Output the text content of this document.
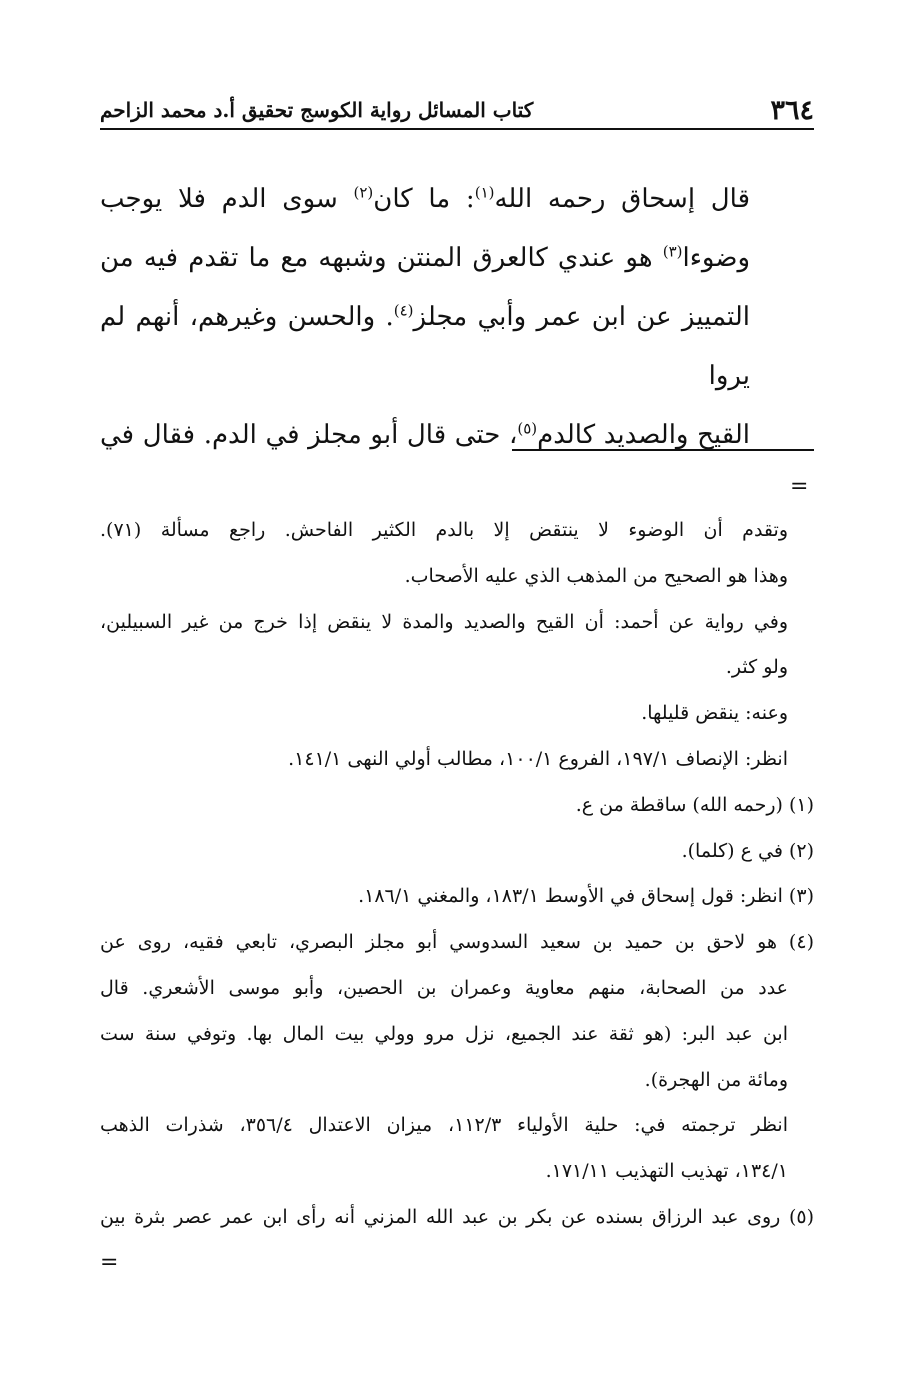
٣٦٤
كتاب المسائل رواية الكوسج تحقيق أ.د محمد الزاحم

قال إسحاق رحمه الله$^{(١)}$: ما كان$^{(٢)}$ سوى الدم فلا يوجب

وضوءا$^{(٣)}$ هو عندي كالعرق المنتن وشبهه مع ما تقدم فيه من

التمييز عن ابن عمر وأبي مجلز$^{(٤)}$. والحسن وغيرهم، أنهم لم يروا

القيح والصديد كالدم$^{(٥)}$، حتى قال أبو مجلز في الدم. فقال في

=

وتقدم أن الوضوء لا ينتقض إلا بالدم الكثير الفاحش. راجع مسألة (٧١).

وهذا هو الصحيح من المذهب الذي عليه الأصحاب.

وفي رواية عن أحمد: أن القيح والصديد والمدة لا ينقض إذا خرج من غير السبيلين،

ولو كثر.

وعنه: ينقض قليلها.

انظر: الإنصاف ١٩٧/١، الفروع ١٠٠/١، مطالب أولي النهى ١٤١/١.

(١) (رحمه الله) ساقطة من ع.

(٢) في ع (كلما).

(٣) انظر: قول إسحاق في الأوسط ١٨٣/١، والمغني ١٨٦/١.

(٤) هو لاحق بن حميد بن سعيد السدوسي أبو مجلز البصري، تابعي فقيه، روى عن

عدد من الصحابة، منهم معاوية وعمران بن الحصين، وأبو موسى الأشعري. قال

ابن عبد البر: (هو ثقة عند الجميع، نزل مرو وولي بيت المال بها. وتوفي سنة ست

ومائة من الهجرة).

انظر ترجمته في: حلية الأولياء ١١٢/٣، ميزان الاعتدال ٣٥٦/٤، شذرات الذهب

١٣٤/١، تهذيب التهذيب ١٧١/١١.

(٥) روى عبد الرزاق بسنده عن بكر بن عبد الله المزني أنه رأى ابن عمر عصر بثرة بين

=
